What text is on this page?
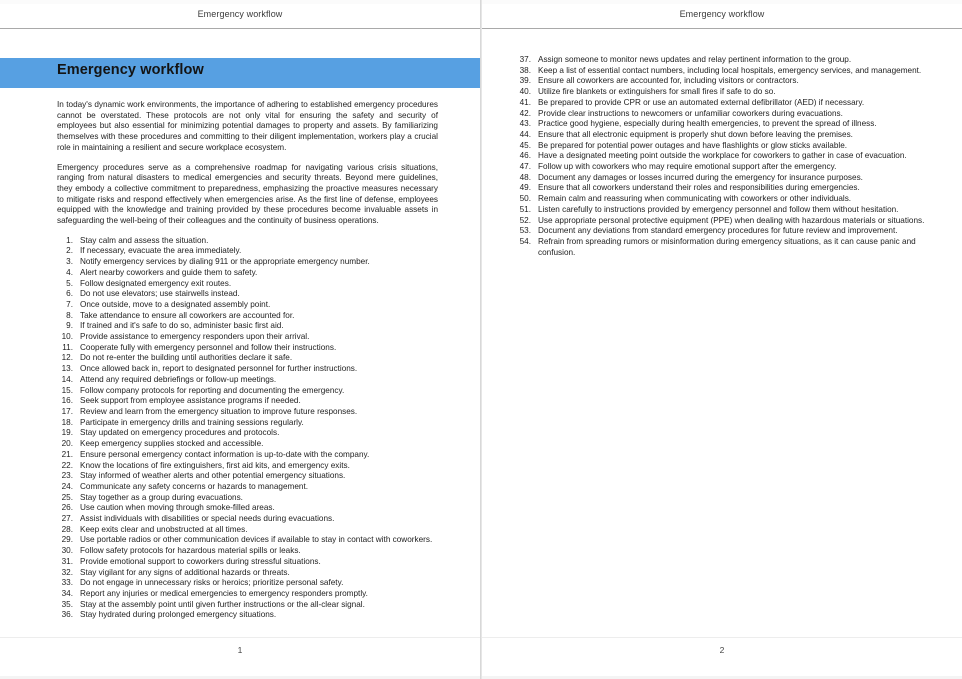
Emergency workflow
Emergency workflow

In today's dynamic work environments, the importance of adhering to established emergency procedures cannot be overstated. These protocols are not only vital for ensuring the safety and security of employees but also essential for minimizing potential damages to property and assets. By familiarizing themselves with these procedures and committing to their diligent implementation, workers play a crucial role in maintaining a resilient and secure workplace ecosystem.

Emergency procedures serve as a comprehensive roadmap for navigating various crisis situations, ranging from natural disasters to medical emergencies and security threats. Beyond mere guidelines, they embody a collective commitment to preparedness, emphasizing the proactive measures necessary to mitigate risks and respond effectively when emergencies arise. As the first line of defense, employees equipped with the knowledge and training provided by these procedures become invaluable assets in safeguarding the well-being of their colleagues and the continuity of business operations.

1. Stay calm and assess the situation.
2. If necessary, evacuate the area immediately.
3. Notify emergency services by dialing 911 or the appropriate emergency number.
4. Alert nearby coworkers and guide them to safety.
5. Follow designated emergency exit routes.
6. Do not use elevators; use stairwells instead.
7. Once outside, move to a designated assembly point.
8. Take attendance to ensure all coworkers are accounted for.
9. If trained and it's safe to do so, administer basic first aid.
10. Provide assistance to emergency responders upon their arrival.
11. Cooperate fully with emergency personnel and follow their instructions.
12. Do not re-enter the building until authorities declare it safe.
13. Once allowed back in, report to designated personnel for further instructions.
14. Attend any required debriefings or follow-up meetings.
15. Follow company protocols for reporting and documenting the emergency.
16. Seek support from employee assistance programs if needed.
17. Review and learn from the emergency situation to improve future responses.
18. Participate in emergency drills and training sessions regularly.
19. Stay updated on emergency procedures and protocols.
20. Keep emergency supplies stocked and accessible.
21. Ensure personal emergency contact information is up-to-date with the company.
22. Know the locations of fire extinguishers, first aid kits, and emergency exits.
23. Stay informed of weather alerts and other potential emergency situations.
24. Communicate any safety concerns or hazards to management.
25. Stay together as a group during evacuations.
26. Use caution when moving through smoke-filled areas.
27. Assist individuals with disabilities or special needs during evacuations.
28. Keep exits clear and unobstructed at all times.
29. Use portable radios or other communication devices if available to stay in contact with coworkers.
30. Follow safety protocols for hazardous material spills or leaks.
31. Provide emotional support to coworkers during stressful situations.
32. Stay vigilant for any signs of additional hazards or threats.
33. Do not engage in unnecessary risks or heroics; prioritize personal safety.
34. Report any injuries or medical emergencies to emergency responders promptly.
35. Stay at the assembly point until given further instructions or the all-clear signal.
36. Stay hydrated during prolonged emergency situations.
1
Emergency workflow
37. Assign someone to monitor news updates and relay pertinent information to the group.
38. Keep a list of essential contact numbers, including local hospitals, emergency services, and management.
39. Ensure all coworkers are accounted for, including visitors or contractors.
40. Utilize fire blankets or extinguishers for small fires if safe to do so.
41. Be prepared to provide CPR or use an automated external defibrillator (AED) if necessary.
42. Provide clear instructions to newcomers or unfamiliar coworkers during evacuations.
43. Practice good hygiene, especially during health emergencies, to prevent the spread of illness.
44. Ensure that all electronic equipment is properly shut down before leaving the premises.
45. Be prepared for potential power outages and have flashlights or glow sticks available.
46. Have a designated meeting point outside the workplace for coworkers to gather in case of evacuation.
47. Follow up with coworkers who may require emotional support after the emergency.
48. Document any damages or losses incurred during the emergency for insurance purposes.
49. Ensure that all coworkers understand their roles and responsibilities during emergencies.
50. Remain calm and reassuring when communicating with coworkers or other individuals.
51. Listen carefully to instructions provided by emergency personnel and follow them without hesitation.
52. Use appropriate personal protective equipment (PPE) when dealing with hazardous materials or situations.
53. Document any deviations from standard emergency procedures for future review and improvement.
54. Refrain from spreading rumors or misinformation during emergency situations, as it can cause panic and confusion.
2
